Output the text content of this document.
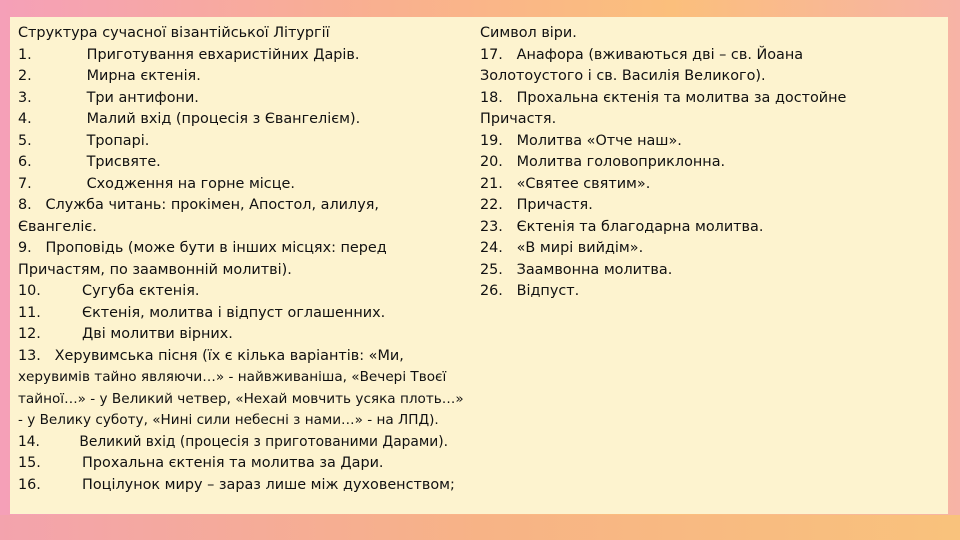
Структура сучасної візантійської Літургії
1.            Приготування евхаристійних Дарів.
2.            Мирна єктенія.
3.            Три антифони.
4.            Малий вхід (процесія з Євангелієм).
5.            Тропарі.
6.            Трисвяте.
7.            Сходження на горне місце.
8.   Служба читань: прокімен, Апостол, алилуя,
Євангеліє.
9.   Проповідь (може бути в інших місцях: перед
Причастям, по заамвонній молитві).
10.         Сугуба єктенія.
11.         Єктенія, молитва і відпуст оглашенних.
12.         Дві молитви вірних.
13.   Херувимська пісня (їх є кілька варіантів: «Ми,
херувимів тайно являючи…» - найвживаніша, «Вечері Твоєї
тайної…» - у Великий четвер, «Нехай мовчить усяка плоть…»
- у Велику суботу, «Нині сили небесні з нами…» - на ЛПД).
14.         Великий вхід (процесія з приготованими Дарами).
15.         Прохальна єктенія та молитва за Дари.
16.         Поцілунок миру – зараз лише між духовенством;
Символ віри.
17.   Анафора (вживаються дві – св. Йоана
Золотоустого і св. Василія Великого).
18.   Прохальна єктенія та молитва за достойне
Причастя.
19.   Молитва «Отче наш».
20.   Молитва головоприклонна.
21.   «Святее святим».
22.   Причастя.
23.   Єктенія та благодарна молитва.
24.   «В мирі вийдім».
25.   Заамвонна молитва.
26.   Відпуст.
